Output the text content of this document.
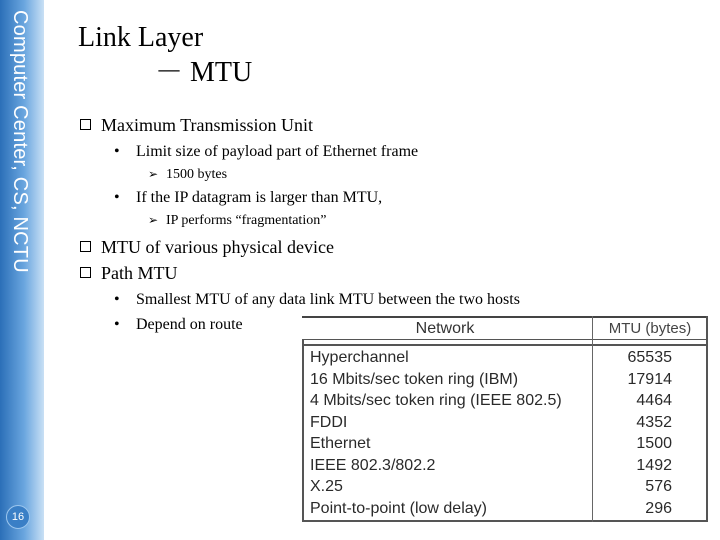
Computer Center, CS, NCTU
16
Link Layer
－ MTU
Maximum Transmission Unit
• Limit size of payload part of Ethernet frame
➢ 1500 bytes
• If the IP datagram is larger than MTU,
➢ IP performs “fragmentation”
MTU of various physical device
Path MTU
• Smallest MTU of any data link MTU between the two hosts
• Depend on route	Network	MTU (bytes)
Hyperchannel	65535
16 Mbits/sec token ring (IBM)	17914
4 Mbits/sec token ring (IEEE 802.5)	4464
FDDI	4352
Ethernet	1500
IEEE 802.3/802.2	1492
X.25	576
Point-to-point (low delay)	296
